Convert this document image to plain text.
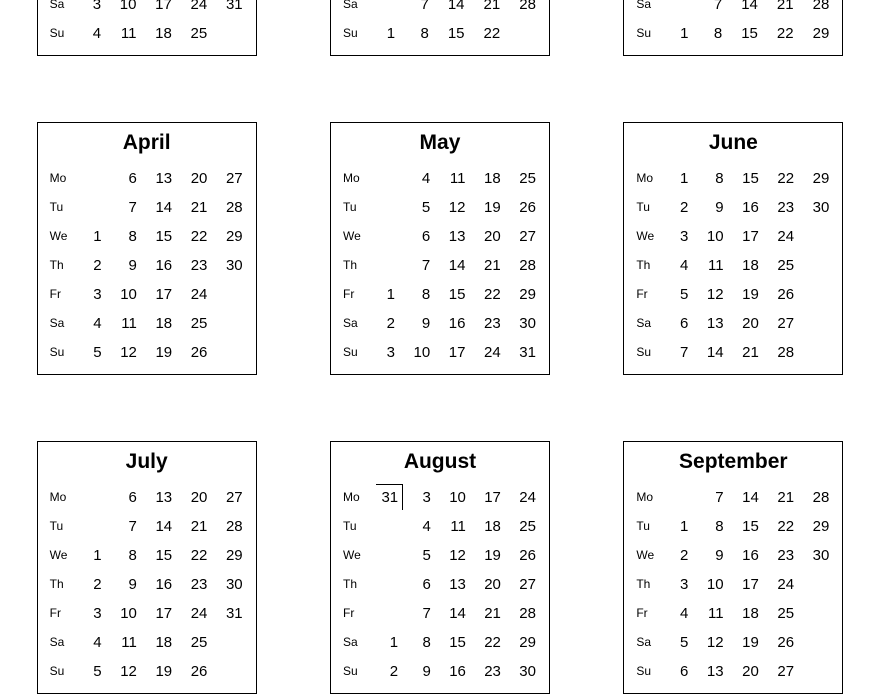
Sa	3	10	17	24	31
Su	4	11	18	25	
Sa		7	14	21	28
Su	1	8	15	22	
Sa		7	14	21	28
Su	1	8	15	22	29
April
Mo		6	13	20	27
Tu		7	14	21	28
We	1	8	15	22	29
Th	2	9	16	23	30
Fr	3	10	17	24	
Sa	4	11	18	25	
Su	5	12	19	26	
May
Mo		4	11	18	25
Tu		5	12	19	26
We		6	13	20	27
Th		7	14	21	28
Fr	1	8	15	22	29
Sa	2	9	16	23	30
Su	3	10	17	24	31
June
Mo	1	8	15	22	29
Tu	2	9	16	23	30
We	3	10	17	24	
Th	4	11	18	25	
Fr	5	12	19	26	
Sa	6	13	20	27	
Su	7	14	21	28	
July
Mo		6	13	20	27
Tu		7	14	21	28
We	1	8	15	22	29
Th	2	9	16	23	30
Fr	3	10	17	24	31
Sa	4	11	18	25	
Su	5	12	19	26	
August
Mo	31	3	10	17	24
Tu		4	11	18	25
We		5	12	19	26
Th		6	13	20	27
Fr		7	14	21	28
Sa	1	8	15	22	29
Su	2	9	16	23	30
September
Mo		7	14	21	28
Tu	1	8	15	22	29
We	2	9	16	23	30
Th	3	10	17	24	
Fr	4	11	18	25	
Sa	5	12	19	26	
Su	6	13	20	27	
